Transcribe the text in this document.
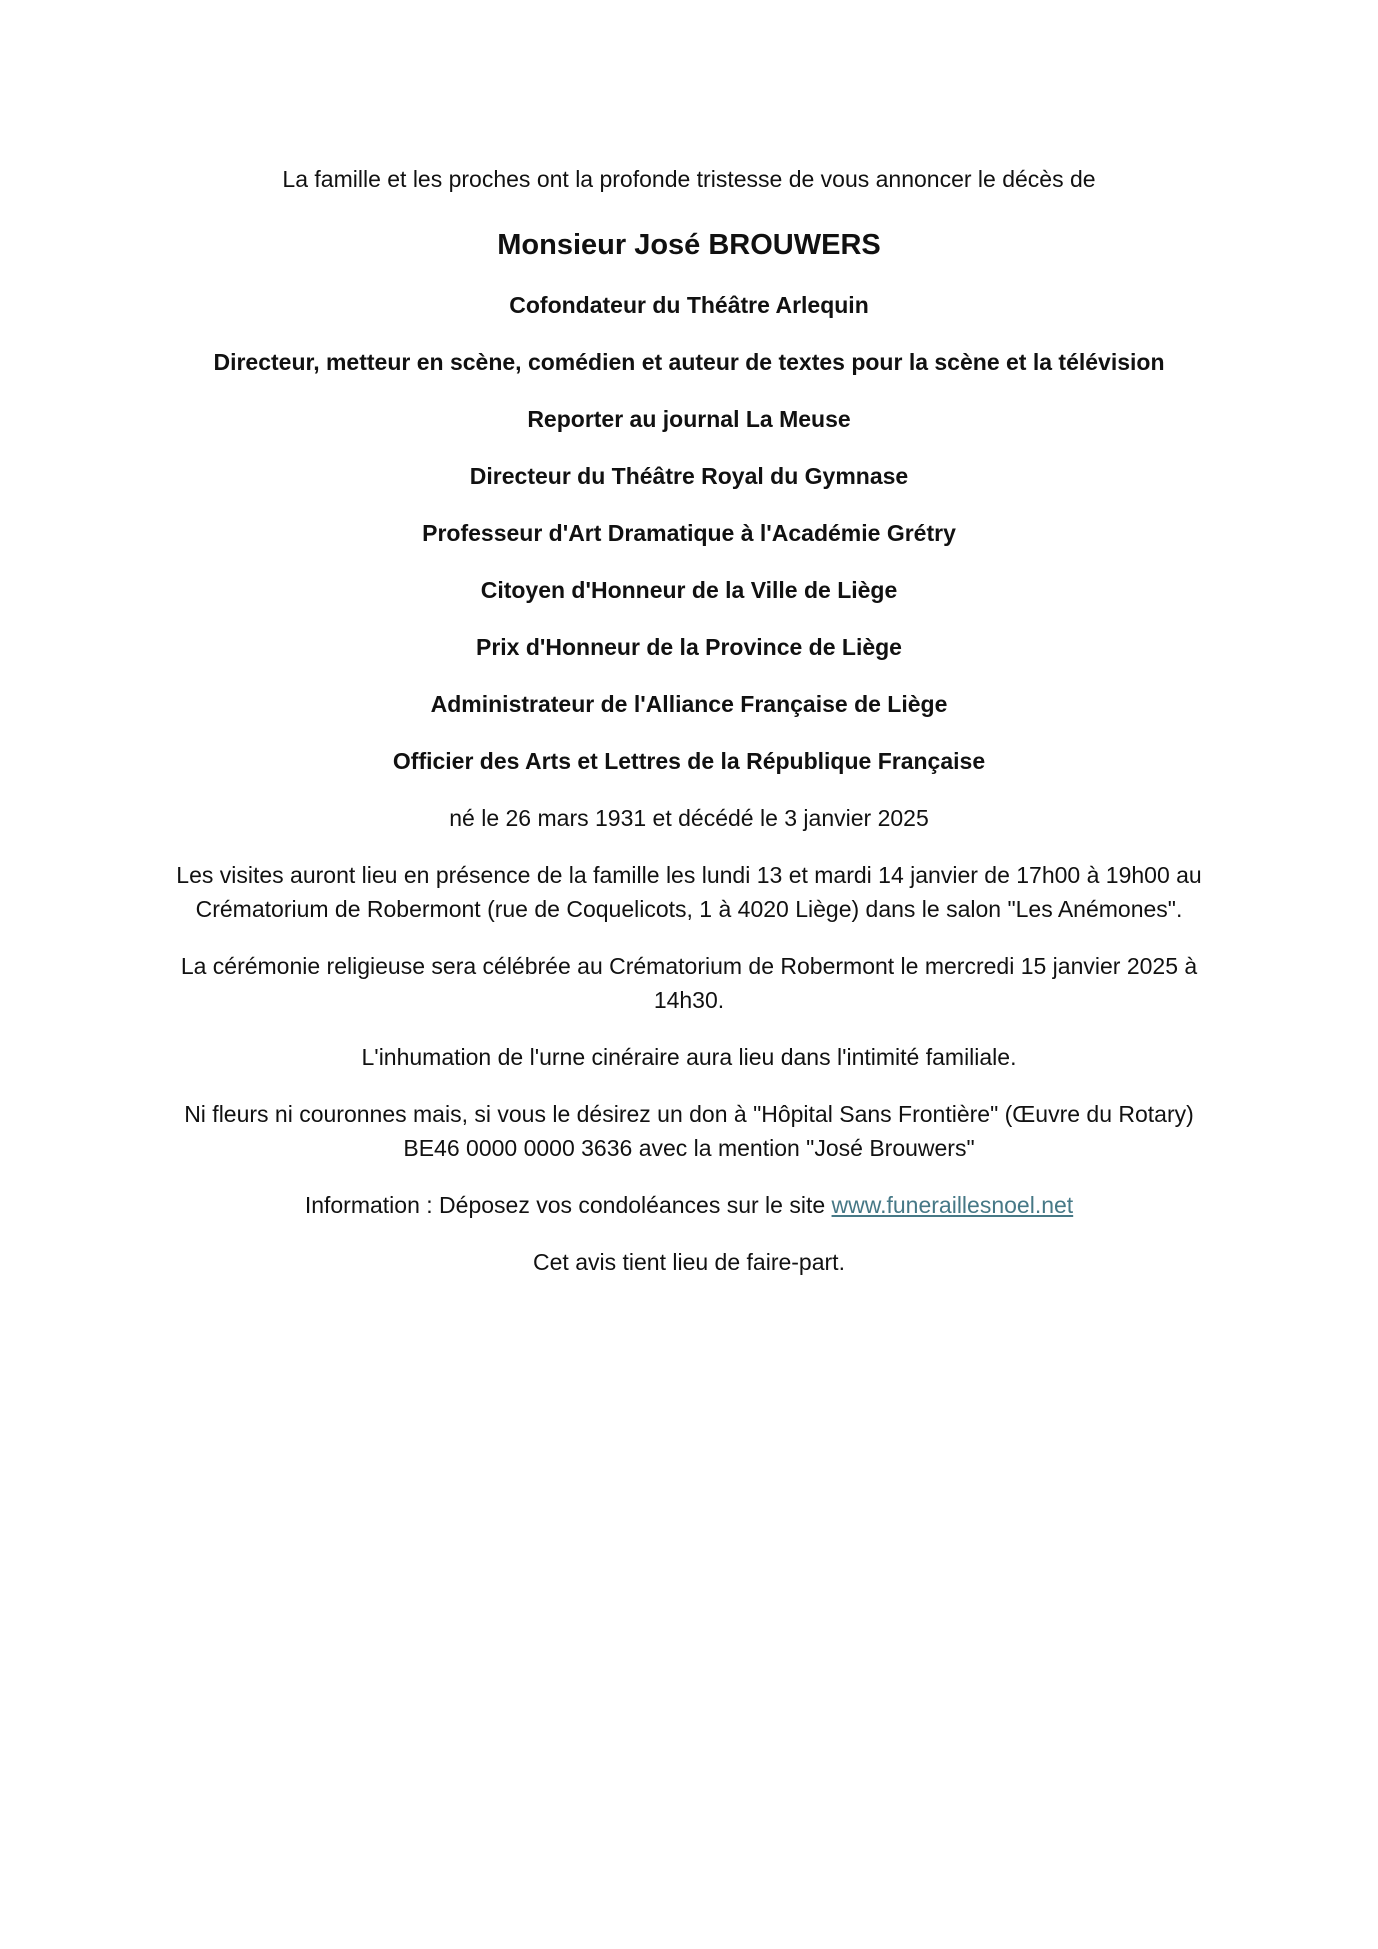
La famille et les proches ont la profonde tristesse de vous annoncer le décès de

Monsieur José BROUWERS

Cofondateur du Théâtre Arlequin

Directeur, metteur en scène, comédien et auteur de textes pour la scène et la télévision

Reporter au journal La Meuse

Directeur du Théâtre Royal du Gymnase

Professeur d'Art Dramatique à l'Académie Grétry

Citoyen d'Honneur de la Ville de Liège

Prix d'Honneur de la Province de Liège

Administrateur de l'Alliance Française de Liège

Officier des Arts et Lettres de la République Française

né le 26 mars 1931 et décédé le 3 janvier 2025

Les visites auront lieu en présence de la famille les lundi 13 et mardi 14 janvier de 17h00 à 19h00 au Crématorium de Robermont (rue de Coquelicots, 1 à 4020 Liège) dans le salon "Les Anémones".

La cérémonie religieuse sera célébrée au Crématorium de Robermont le mercredi 15 janvier 2025 à 14h30.

L'inhumation de l'urne cinéraire aura lieu dans l'intimité familiale.

Ni fleurs ni couronnes mais, si vous le désirez un don à "Hôpital Sans Frontière" (Œuvre du Rotary) BE46 0000 0000 3636 avec la mention "José Brouwers"

Information : Déposez vos condoléances sur le site www.funeraillesnoel.net

Cet avis tient lieu de faire-part.
